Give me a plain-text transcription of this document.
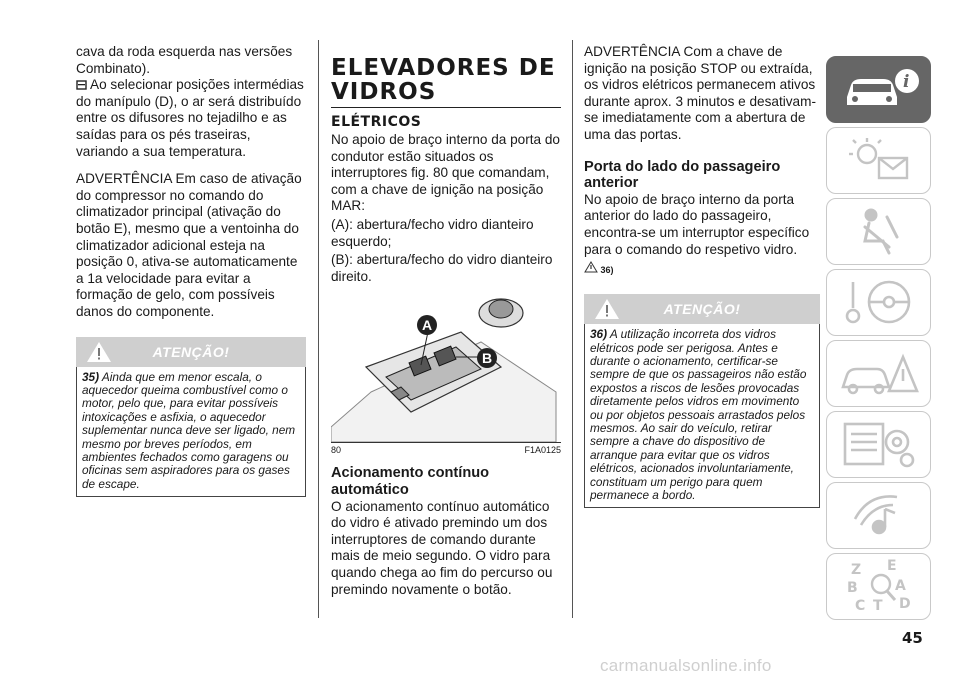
cava da roda esquerda nas versões Combinato).

Ao selecionar posições intermédias do manípulo (D), o ar será distribuído entre os difusores no tejadilho e as saídas para os pés traseiras, variando a sua temperatura.

ADVERTÊNCIA Em caso de ativação do compressor no comando do climatizador principal (ativação do botão E), mesmo que a ventoinha do climatizador adicional esteja na posição 0, ativa-se automaticamente a 1a velocidade para evitar a formação de gelo, com possíveis danos do componente.

ATENÇÃO!
35) Ainda que em menor escala, o aquecedor queima combustível como o motor, pelo que, para evitar possíveis intoxicações e asfixia, o aquecedor suplementar nunca deve ser ligado, nem mesmo por breves períodos, em ambientes fechados como garagens ou oficinas sem aspiradores para os gases de escape.
ELEVADORES DE VIDROS
ELÉTRICOS

No apoio de braço interno da porta do condutor estão situados os interruptores fig. 80 que comandam, com a chave de ignição na posição MAR:

(A): abertura/fecho vidro dianteiro esquerdo;

(B): abertura/fecho do vidro dianteiro direito.

A
B
80	F1A0125
Acionamento contínuo automático

O acionamento contínuo automático do vidro é ativado premindo um dos interruptores de comando durante mais de meio segundo. O vidro para quando chega ao fim do percurso ou premindo novamente o botão.

ADVERTÊNCIA Com a chave de ignição na posição STOP ou extraída, os vidros elétricos permanecem ativos durante aprox. 3 minutos e desativam-se imediatamente com a abertura de uma das portas.

Porta do lado do passageiro anterior

No apoio de braço interno da porta anterior do lado do passageiro, encontra-se um interruptor específico para o comando do respetivo vidro.

36)
ATENÇÃO!
36) A utilização incorreta dos vidros elétricos pode ser perigosa. Antes e durante o acionamento, certificar-se sempre de que os passageiros não estão expostos a riscos de lesões provocadas diretamente pelos vidros em movimento ou por objetos pessoais arrastados pelos mesmos. Ao sair do veículo, retirar sempre a chave do dispositivo de arranque para evitar que os vidros elétricos, acionados involuntariamente, constituam um perigo para quem permanece a bordo.
i
Z E
B	A
C T D
45
carmanualsonline.info
